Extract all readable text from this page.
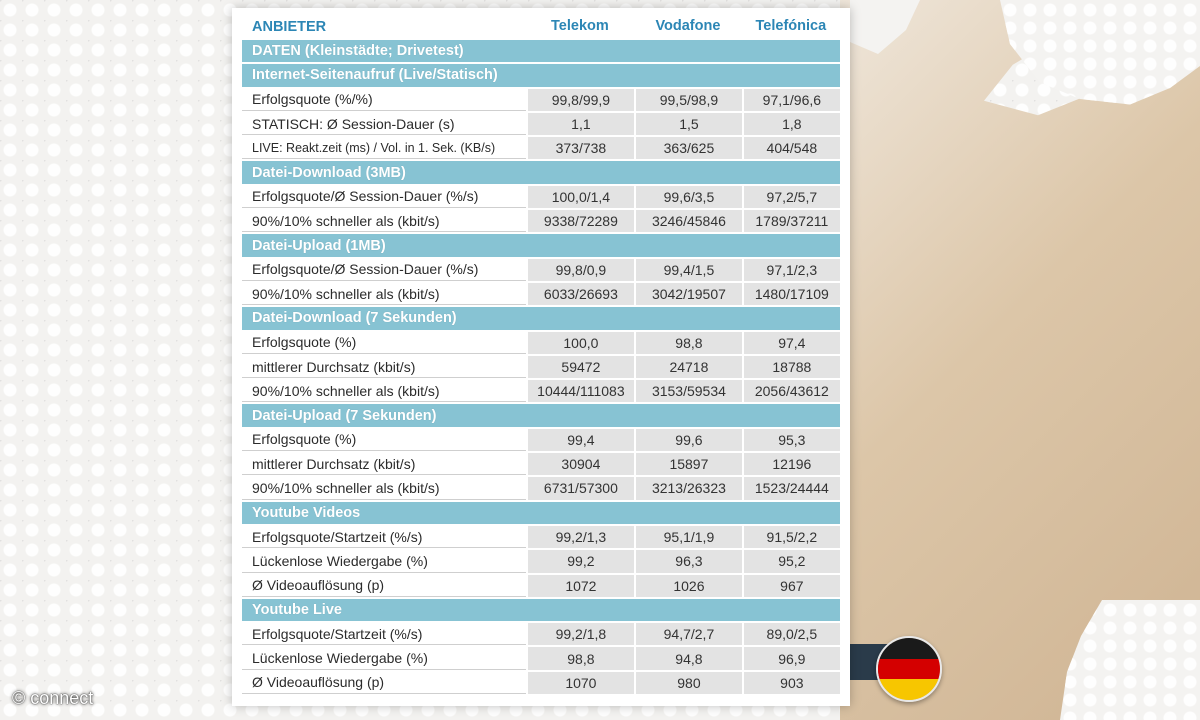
ANBIETER	Telekom	Vodafone	Telefónica
DATEN (Kleinstädte; Drivetest)			
Internet-Seitenaufruf (Live/Statisch)			
Erfolgsquote (%/%)	99,8/99,9	99,5/98,9	97,1/96,6
STATISCH: Ø Session-Dauer (s)	1,1	1,5	1,8
LIVE: Reakt.zeit (ms) / Vol. in 1. Sek. (KB/s)	373/738	363/625	404/548
Datei-Download (3MB)			
Erfolgsquote/Ø Session-Dauer (%/s)	100,0/1,4	99,6/3,5	97,2/5,7
90%/10% schneller als (kbit/s)	9338/72289	3246/45846	1789/37211
Datei-Upload (1MB)			
Erfolgsquote/Ø Session-Dauer (%/s)	99,8/0,9	99,4/1,5	97,1/2,3
90%/10% schneller als (kbit/s)	6033/26693	3042/19507	1480/17109
Datei-Download (7 Sekunden)			
Erfolgsquote (%)	100,0	98,8	97,4
mittlerer Durchsatz (kbit/s)	59472	24718	18788
90%/10% schneller als (kbit/s)	10444/111083	3153/59534	2056/43612
Datei-Upload (7 Sekunden)			
Erfolgsquote (%)	99,4	99,6	95,3
mittlerer Durchsatz (kbit/s)	30904	15897	12196
90%/10% schneller als (kbit/s)	6731/57300	3213/26323	1523/24444
Youtube Videos			
Erfolgsquote/Startzeit (%/s)	99,2/1,3	95,1/1,9	91,5/2,2
Lückenlose Wiedergabe (%)	99,2	96,3	95,2
Ø Videoauflösung (p)	1072	1026	967
Youtube Live			
Erfolgsquote/Startzeit (%/s)	99,2/1,8	94,7/2,7	89,0/2,5
Lückenlose Wiedergabe (%)	98,8	94,8	96,9
Ø Videoauflösung (p)	1070	980	903
© connect
